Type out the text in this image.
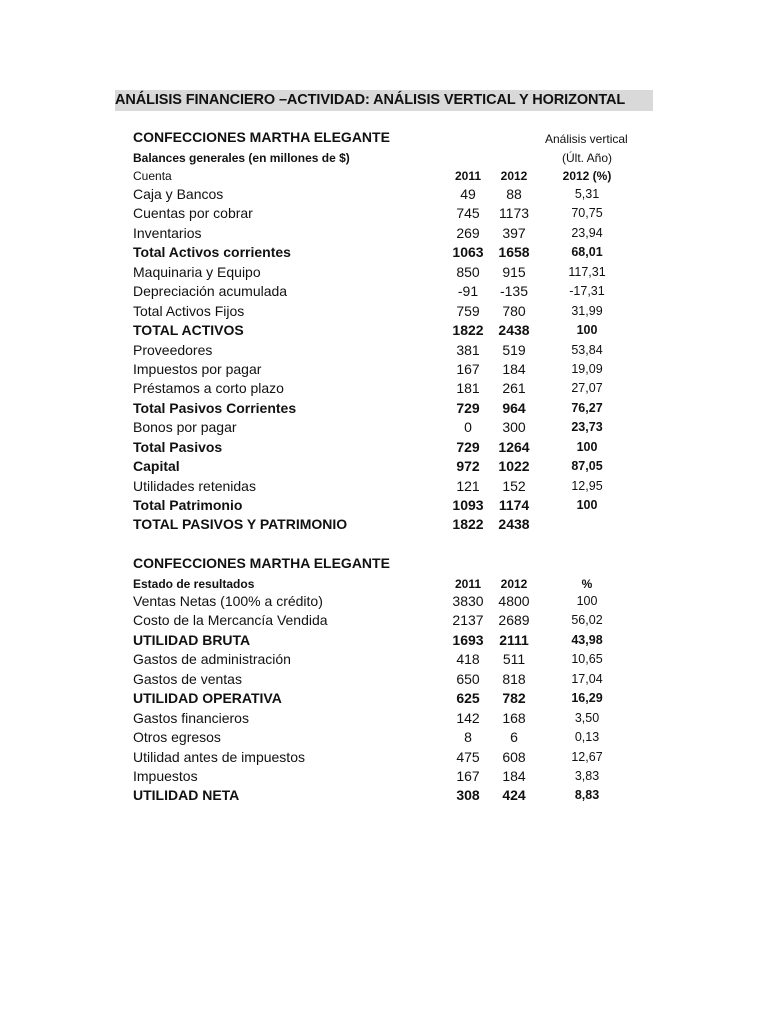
ANÁLISIS FINANCIERO –ACTIVIDAD: ANÁLISIS VERTICAL Y HORIZONTAL
CONFECCIONES MARTHA ELEGANTE	Análisis vertical
Balances generales (en millones de $)	(Últ. Año)
Cuenta	2011	2012	2012 (%)
Caja y Bancos	49	88	5,31
Cuentas por cobrar	745	1173	70,75
Inventarios	269	397	23,94
Total Activos corrientes	1063	1658	68,01
Maquinaria y Equipo	850	915	117,31
Depreciación acumulada	-91	-135	-17,31
Total Activos Fijos	759	780	31,99
TOTAL ACTIVOS	1822	2438	100
Proveedores	381	519	53,84
Impuestos por pagar	167	184	19,09
Préstamos a corto plazo	181	261	27,07
Total Pasivos Corrientes	729	964	76,27
Bonos por pagar	0	300	23,73
Total Pasivos	729	1264	100
Capital	972	1022	87,05
Utilidades retenidas	121	152	12,95
Total Patrimonio	1093	1174	100
TOTAL PASIVOS Y PATRIMONIO	1822	2438
CONFECCIONES MARTHA ELEGANTE
Estado de resultados	2011	2012	%
Ventas Netas (100% a crédito)	3830	4800	100
Costo de la Mercancía Vendida	2137	2689	56,02
UTILIDAD BRUTA	1693	2111	43,98
Gastos de administración	418	511	10,65
Gastos de ventas	650	818	17,04
UTILIDAD OPERATIVA	625	782	16,29
Gastos financieros	142	168	3,50
Otros egresos	8	6	0,13
Utilidad antes de impuestos	475	608	12,67
Impuestos	167	184	3,83
UTILIDAD NETA	308	424	8,83
